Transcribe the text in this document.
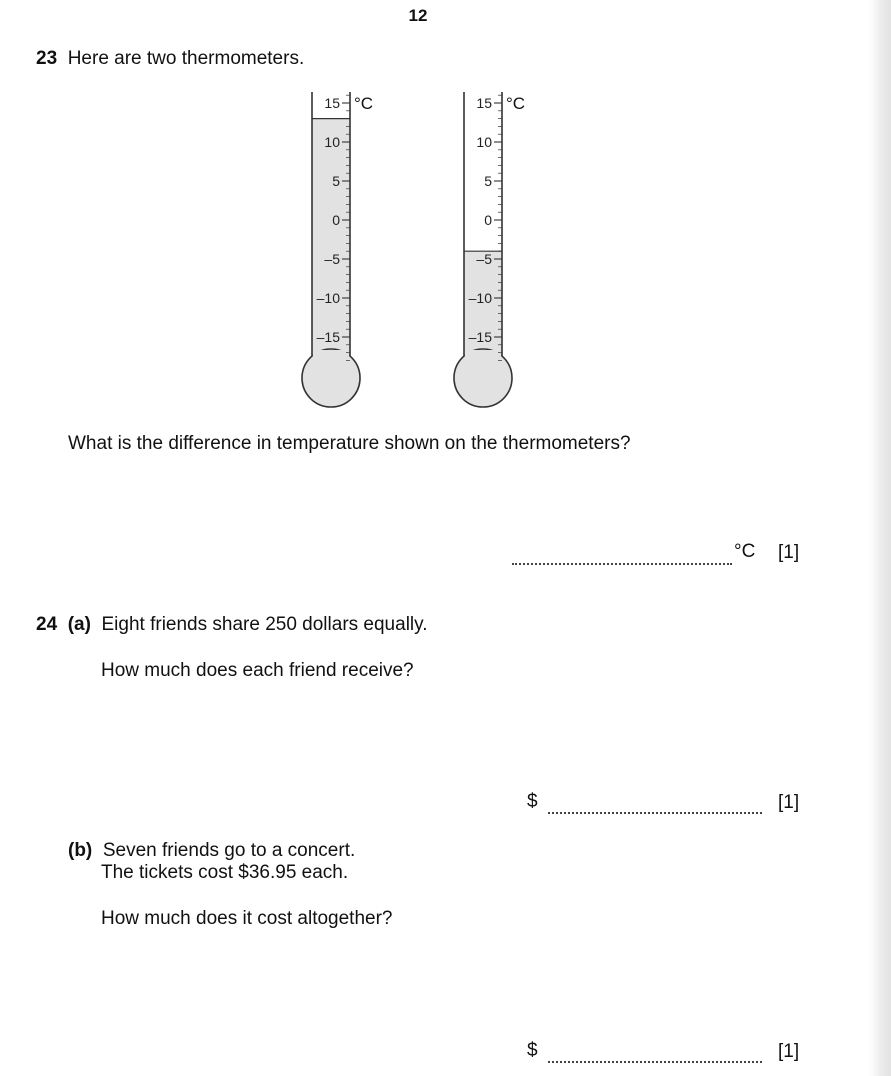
12
23 Here are two thermometers.
15
10
5
0
–5
–10
–15
°C	15
10
5
0
–5
–10
–15
°C
What is the difference in temperature shown on the thermometers?
°C [1]
24 (a) Eight friends share 250 dollars equally.
How much does each friend receive?
$	[1]
(b) Seven friends go to a concert.
The tickets cost $36.95 each.
How much does it cost altogether?
$	[1]
